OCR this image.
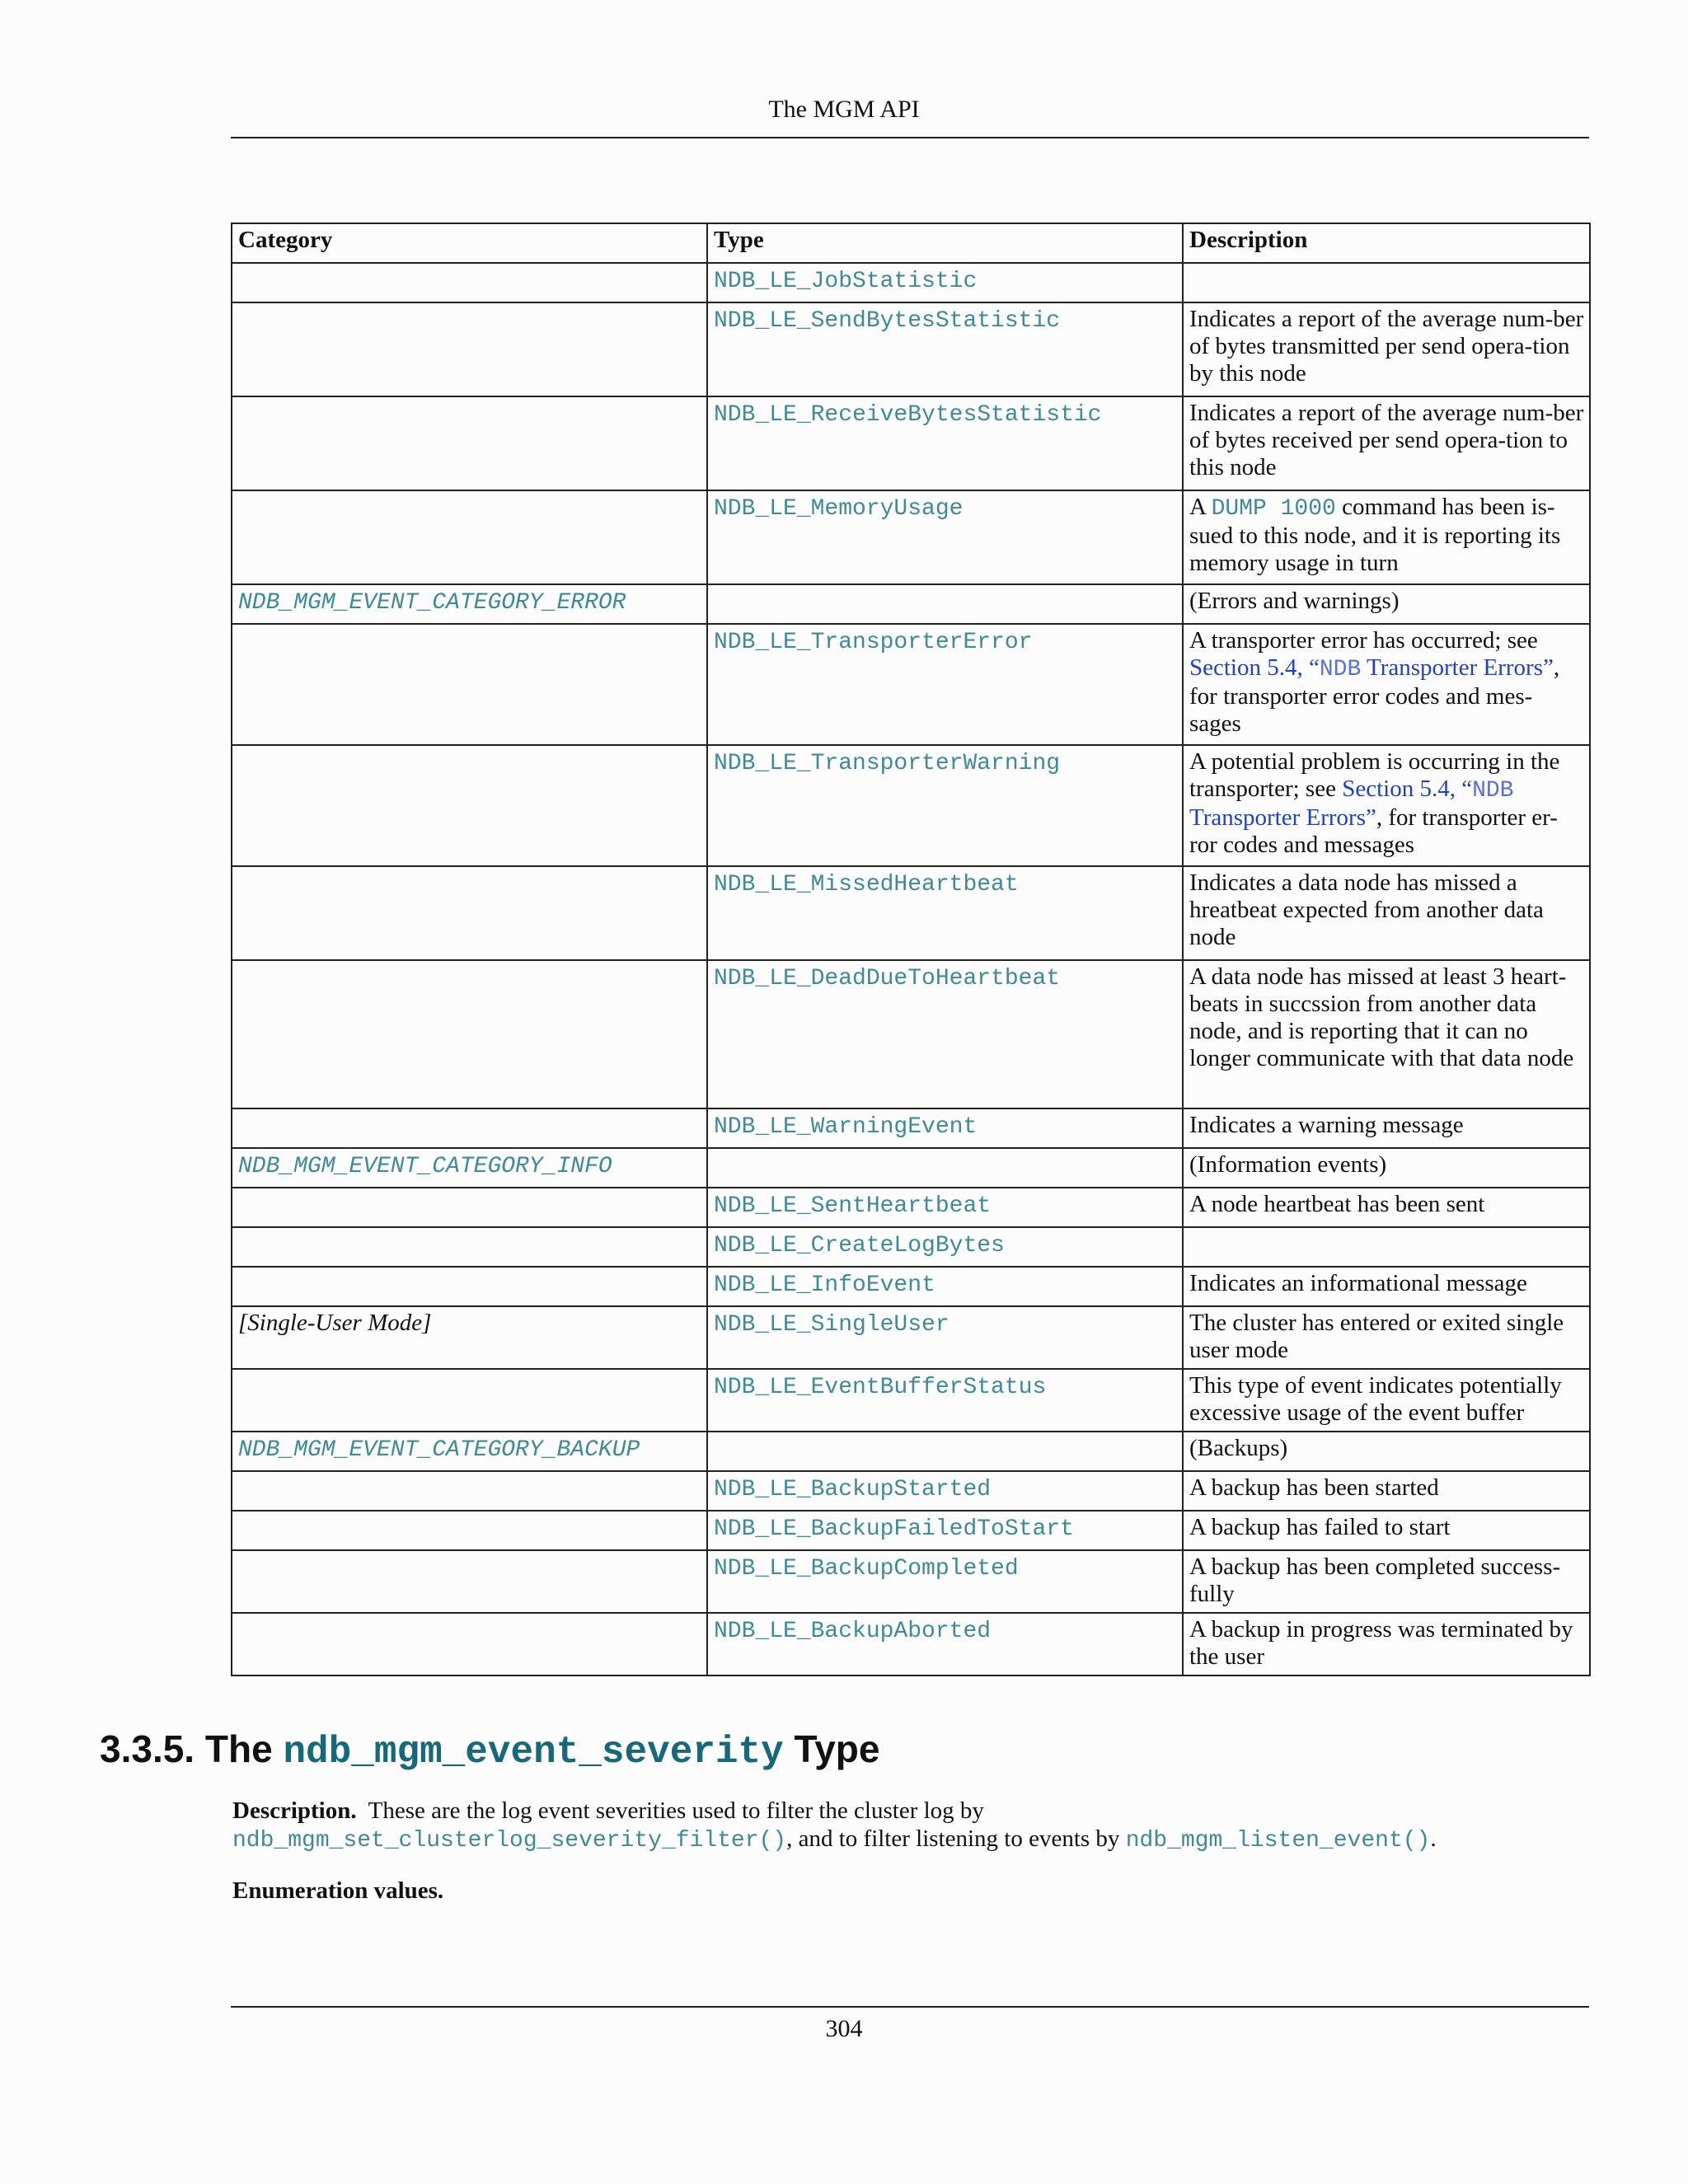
The MGM API
Category	Type	Description
	NDB_LE_JobStatistic	
	NDB_LE_SendBytesStatistic	Indicates a report of the average num-ber of bytes transmitted per send opera-tion by this node
	NDB_LE_ReceiveBytesStatistic	Indicates a report of the average num-ber of bytes received per send opera-tion to this node
	NDB_LE_MemoryUsage	A DUMP 1000 command has been is-sued to this node, and it is reporting its memory usage in turn
NDB_MGM_EVENT_CATEGORY_ERROR		(Errors and warnings)
	NDB_LE_TransporterError	A transporter error has occurred; see Section 5.4, “NDB Transporter Errors”, for transporter error codes and mes-sages
	NDB_LE_TransporterWarning	A potential problem is occurring in the transporter; see Section 5.4, “NDB Transporter Errors”, for transporter er-ror codes and messages
	NDB_LE_MissedHeartbeat	Indicates a data node has missed a hreatbeat expected from another data node
	NDB_LE_DeadDueToHeartbeat	A data node has missed at least 3 heart-beats in succssion from another data node, and is reporting that it can no longer communicate with that data node
	NDB_LE_WarningEvent	Indicates a warning message
NDB_MGM_EVENT_CATEGORY_INFO		(Information events)
	NDB_LE_SentHeartbeat	A node heartbeat has been sent
	NDB_LE_CreateLogBytes	
	NDB_LE_InfoEvent	Indicates an informational message
[Single-User Mode]	NDB_LE_SingleUser	The cluster has entered or exited single user mode
	NDB_LE_EventBufferStatus	This type of event indicates potentially excessive usage of the event buffer
NDB_MGM_EVENT_CATEGORY_BACKUP		(Backups)
	NDB_LE_BackupStarted	A backup has been started
	NDB_LE_BackupFailedToStart	A backup has failed to start
	NDB_LE_BackupCompleted	A backup has been completed success-fully
	NDB_LE_BackupAborted	A backup in progress was terminated by the user
3.3.5. The ndb_mgm_event_severity Type
Description. These are the log event severities used to filter the cluster log by
ndb_mgm_set_clusterlog_severity_filter(), and to filter listening to events by ndb_mgm_listen_event().
Enumeration values.
304
